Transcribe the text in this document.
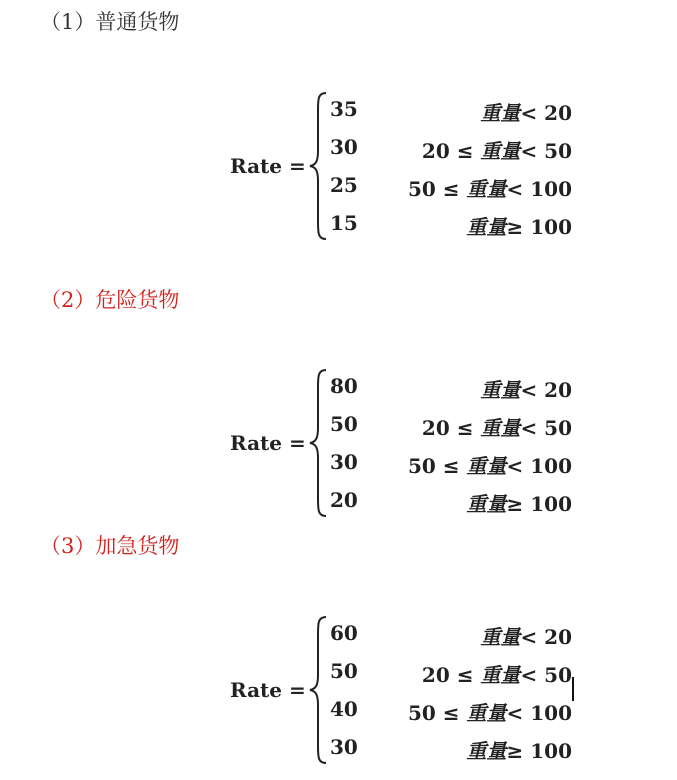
（1）普通货物
Rate =
35	重量< 20
30	20 ≤ 重量< 50
25	50 ≤ 重量< 100
15	重量≥ 100
（2）危险货物
Rate =
80	重量< 20
50	20 ≤ 重量< 50
30	50 ≤ 重量< 100
20	重量≥ 100
（3）加急货物
Rate =
60	重量< 20
50	20 ≤ 重量< 50
40	50 ≤ 重量< 100
30	重量≥ 100
